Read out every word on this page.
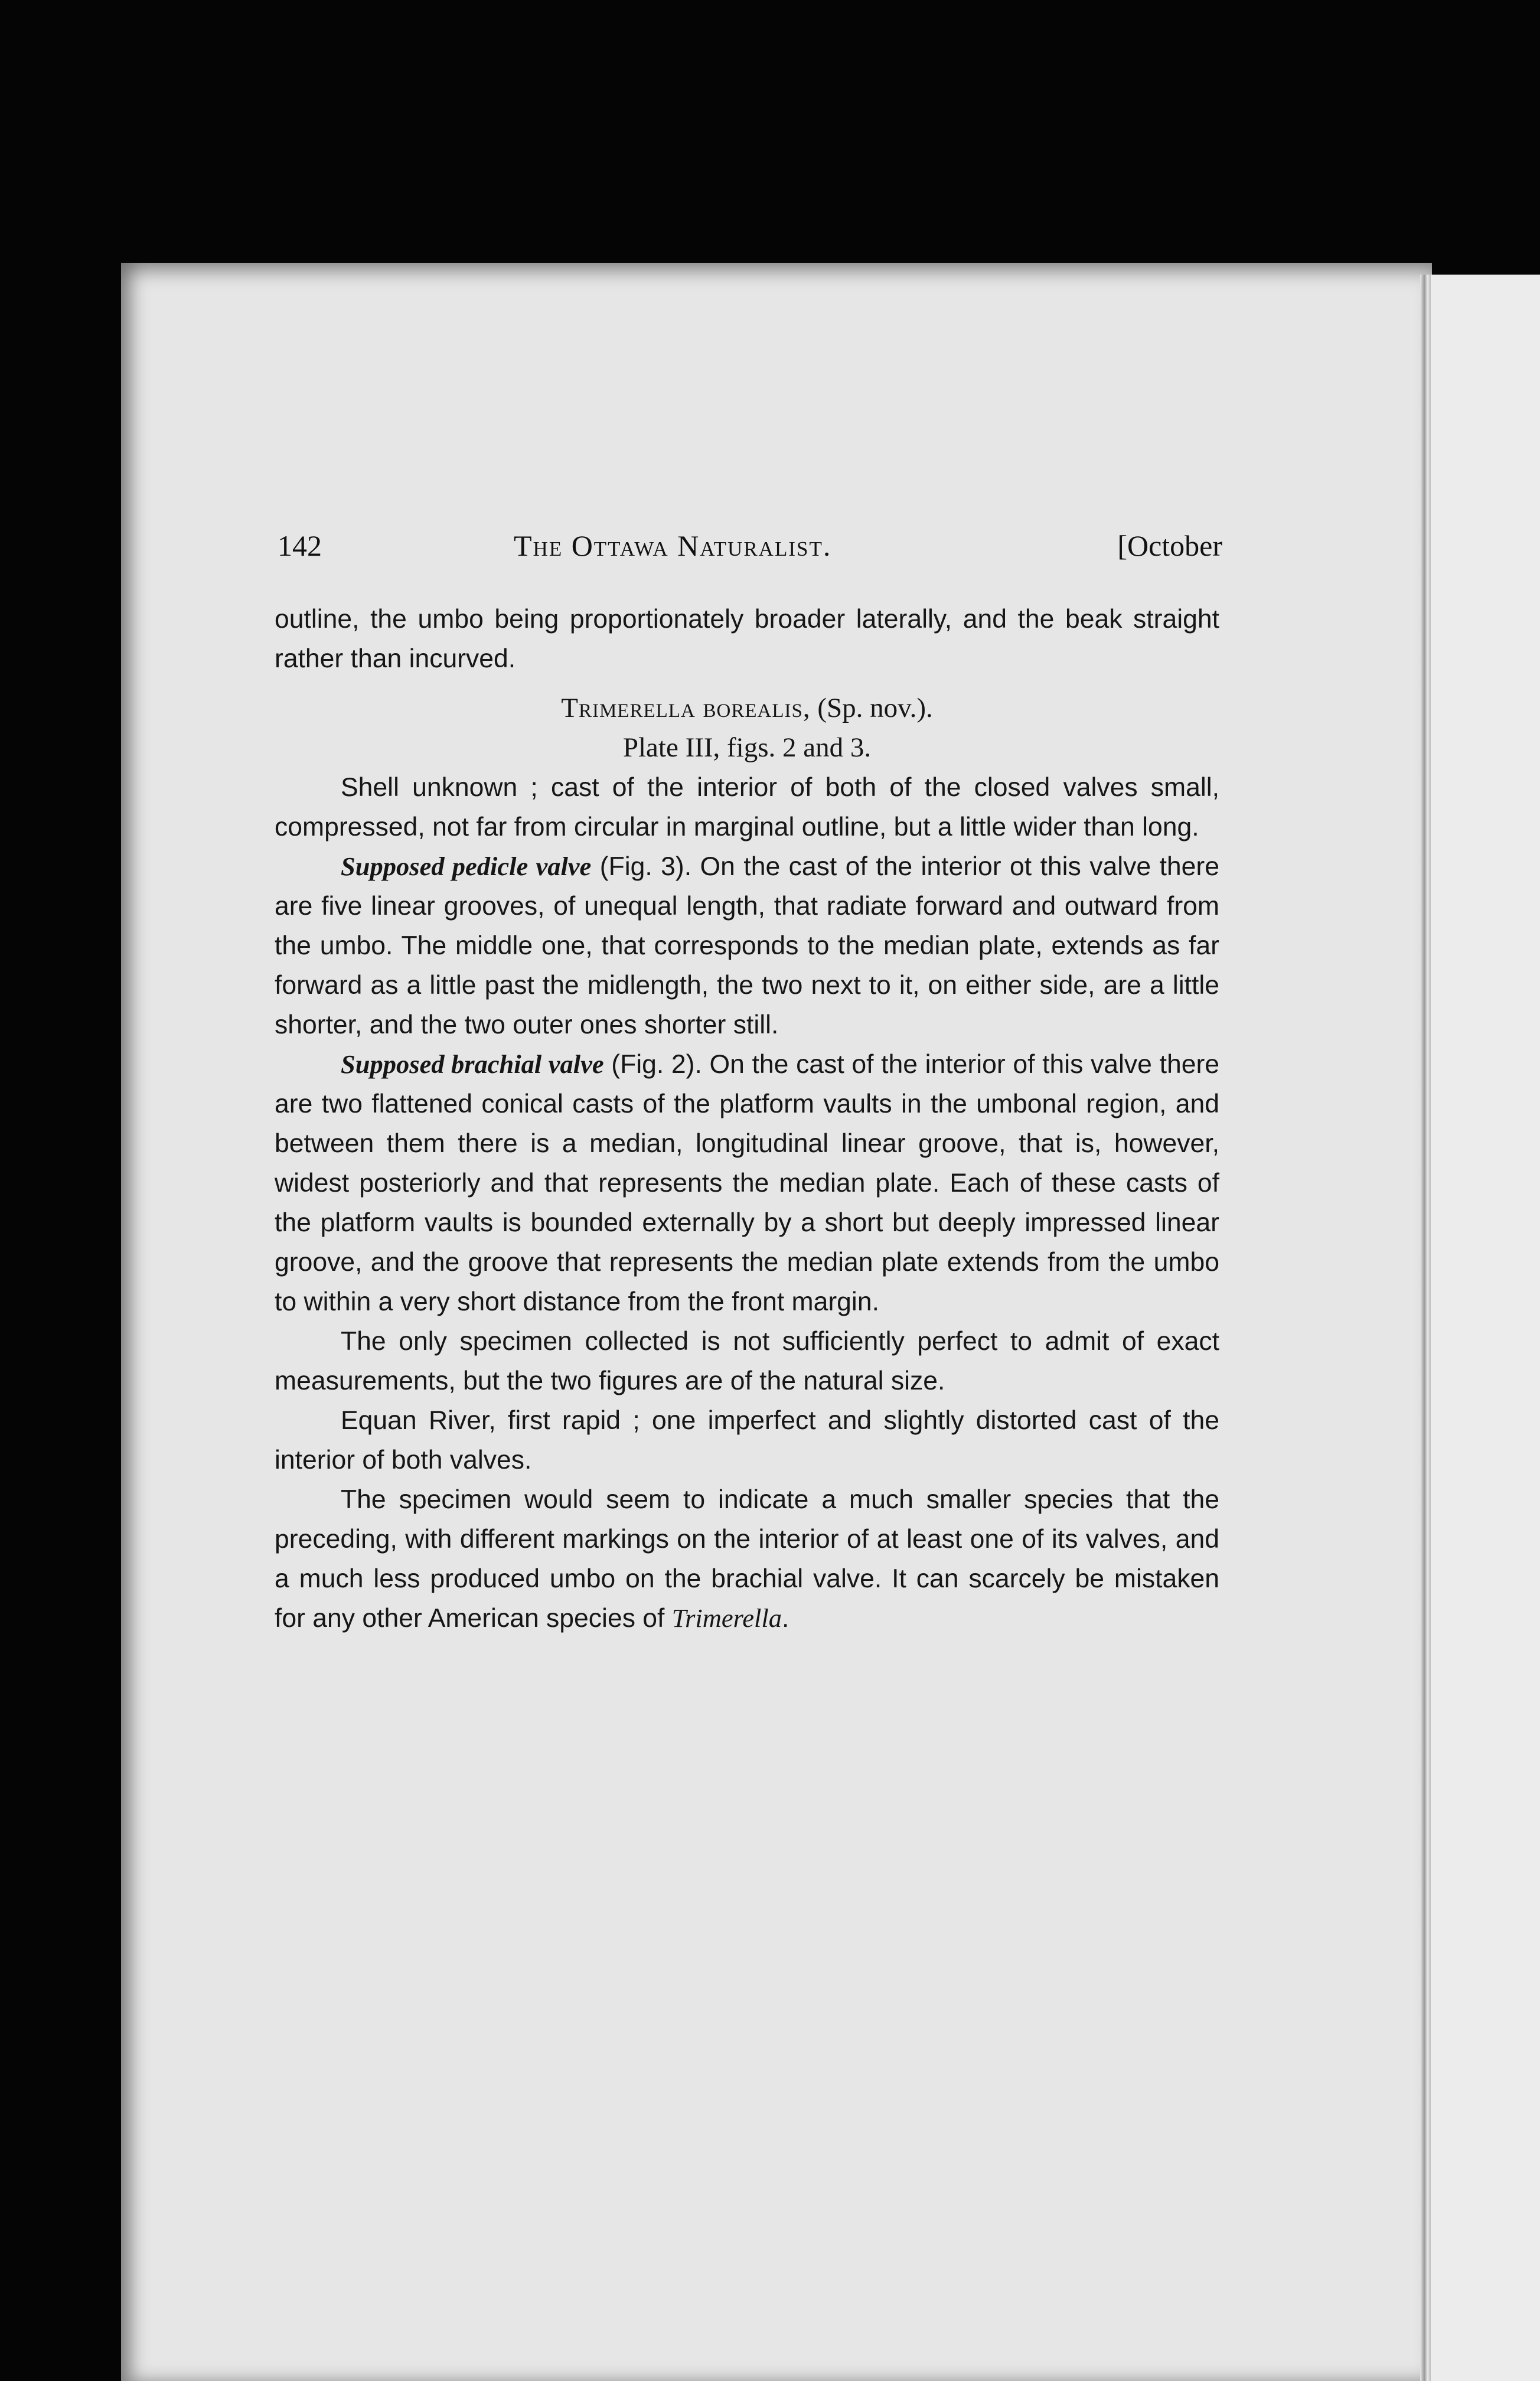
142	The Ottawa Naturalist.	[October

outline, the umbo being proportionately broader laterally, and the beak straight rather than incurved.

Trimerella borealis, (Sp. nov.).

Plate III, figs. 2 and 3.

Shell unknown ; cast of the interior of both of the closed valves small, compressed, not far from circular in marginal outline, but a little wider than long.

Supposed pedicle valve (Fig. 3). On the cast of the interior ot this valve there are five linear grooves, of unequal length, that radiate forward and outward from the umbo. The middle one, that corresponds to the median plate, extends as far forward as a little past the midlength, the two next to it, on either side, are a little shorter, and the two outer ones shorter still.

Supposed brachial valve (Fig. 2). On the cast of the interior of this valve there are two flattened conical casts of the platform vaults in the umbonal region, and between them there is a median, longitudinal linear groove, that is, however, widest posteriorly and that represents the median plate. Each of these casts of the platform vaults is bounded externally by a short but deeply impressed linear groove, and the groove that represents the median plate extends from the umbo to within a very short distance from the front margin.

The only specimen collected is not sufficiently perfect to admit of exact measurements, but the two figures are of the natural size.

Equan River, first rapid ; one imperfect and slightly distorted cast of the interior of both valves.

The specimen would seem to indicate a much smaller species that the preceding, with different markings on the interior of at least one of its valves, and a much less produced umbo on the brachial valve. It can scarcely be mistaken for any other American species of Trimerella.
